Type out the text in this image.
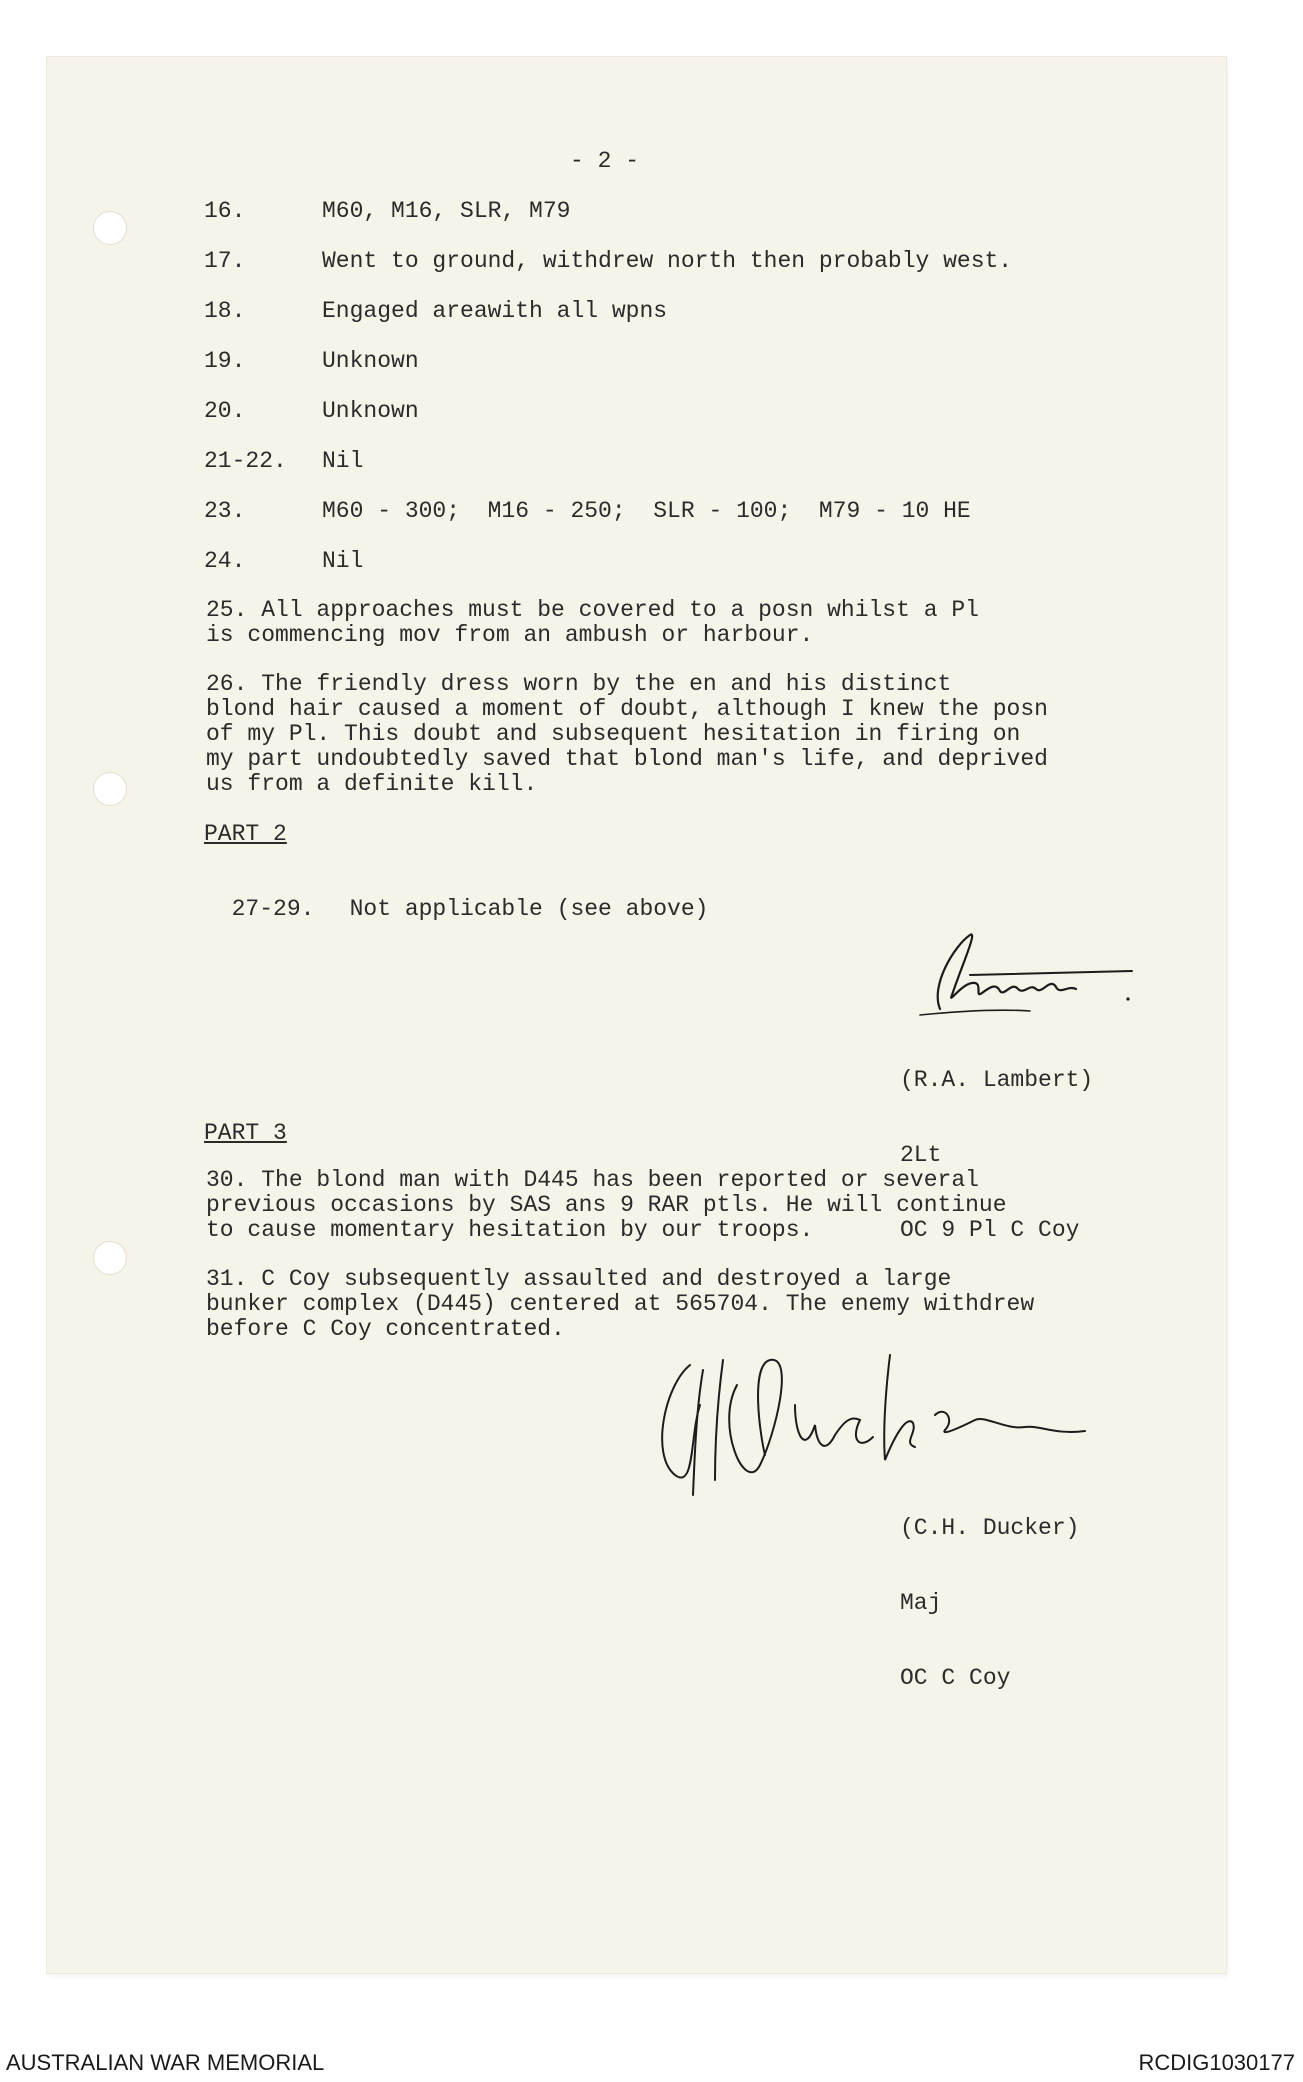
- 2 -
16.	M60, M16, SLR, M79
17.	Went to ground, withdrew north then probably west.
18.	Engaged areawith all wpns
19.	Unknown
20.	Unknown
21-22. Nil
23.	M60 - 300;  M16 - 250;  SLR - 100;  M79 - 10 HE
24.	Nil
25. All approaches must be covered to a posn whilst a Pl
is commencing mov from an ambush or harbour.
26. The friendly dress worn by the en and his distinct
blond hair caused a moment of doubt, although I knew the posn
of my Pl. This doubt and subsequent hesitation in firing on
my part undoubtedly saved that blond man's life, and deprived
us from a definite kill.
PART 2

27-29. Not applicable (see above)

(R.A. Lambert)

2Lt

OC 9 Pl C Coy

PART 3
30. The blond man with D445 has been reported or several
previous occasions by SAS ans 9 RAR ptls. He will continue
to cause momentary hesitation by our troops.
31. C Coy subsequently assaulted and destroyed a large
bunker complex (D445) centered at 565704. The enemy withdrew
before C Coy concentrated.

(C.H. Ducker)

Maj

OC C Coy

AUSTRALIAN WAR MEMORIAL	RCDIG1030177
